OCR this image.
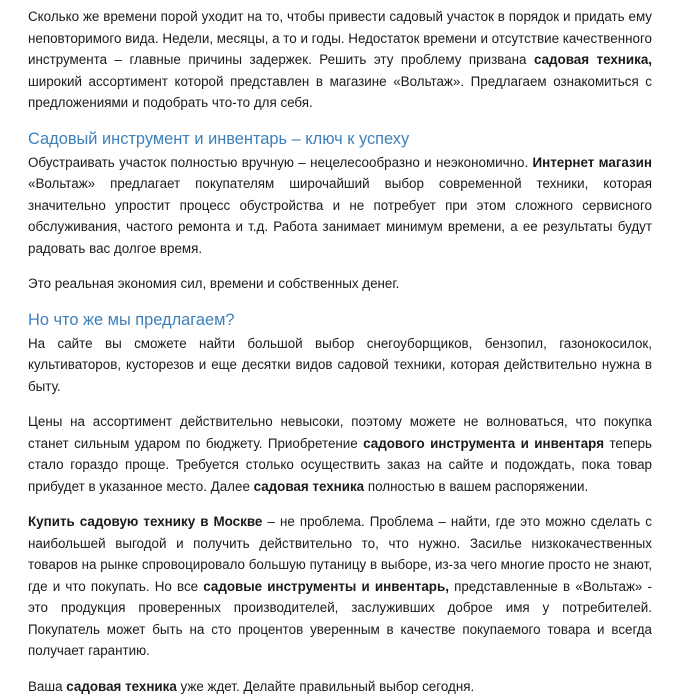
Сколько же времени порой уходит на то, чтобы привести садовый участок в порядок и придать ему неповторимого вида. Недели, месяцы, а то и годы. Недостаток времени и отсутствие качественного инструмента – главные причины задержек. Решить эту проблему призвана садовая техника, широкий ассортимент которой представлен в магазине «Вольтаж». Предлагаем ознакомиться с предложениями и подобрать что-то для себя.

Садовый инструмент и инвентарь – ключ к успеху

Обустраивать участок полностью вручную – нецелесообразно и неэкономично. Интернет магазин «Вольтаж» предлагает покупателям широчайший выбор современной техники, которая значительно упростит процесс обустройства и не потребует при этом сложного сервисного обслуживания, частого ремонта и т.д. Работа занимает минимум времени, а ее результаты будут радовать вас долгое время.

Это реальная экономия сил, времени и собственных денег.

Но что же мы предлагаем?

На сайте вы сможете найти большой выбор снегоуборщиков, бензопил, газонокосилок, культиваторов, кусторезов и еще десятки видов садовой техники, которая действительно нужна в быту.

Цены на ассортимент действительно невысоки, поэтому можете не волноваться, что покупка станет сильным ударом по бюджету. Приобретение садового инструмента и инвентаря теперь стало гораздо проще. Требуется столько осуществить заказ на сайте и подождать, пока товар прибудет в указанное место. Далее садовая техника полностью в вашем распоряжении.

Купить садовую технику в Москве – не проблема. Проблема – найти, где это можно сделать с наибольшей выгодой и получить действительно то, что нужно. Засилье низкокачественных товаров на рынке спровоцировало большую путаницу в выборе, из-за чего многие просто не знают, где и что покупать. Но все садовые инструменты и инвентарь, представленные в «Вольтаж» - это продукция проверенных производителей, заслуживших доброе имя у потребителей. Покупатель может быть на сто процентов уверенным в качестве покупаемого товара и всегда получает гарантию.

Ваша садовая техника уже ждет. Делайте правильный выбор сегодня.
